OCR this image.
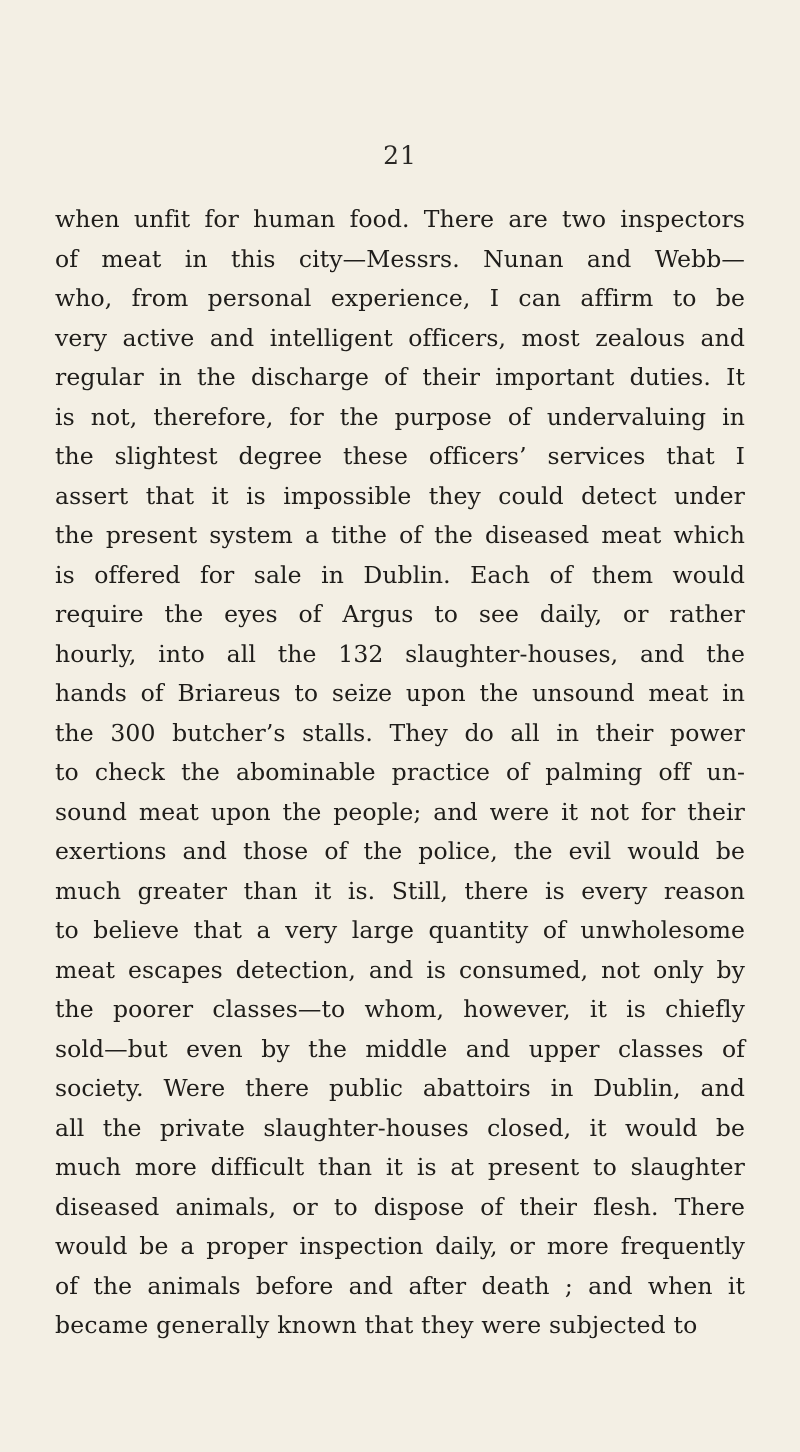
21
when unfit for human food. There are two inspectors
of meat in this city—Messrs. Nunan and Webb—
who, from personal experience, I can affirm to be
very active and intelligent officers, most zealous and
regular in the discharge of their important duties. It
is not, therefore, for the purpose of undervaluing in
the slightest degree these officers’ services that I
assert that it is impossible they could detect under
the present system a tithe of the diseased meat which
is offered for sale in Dublin. Each of them would
require the eyes of Argus to see daily, or rather
hourly, into all the 132 slaughter-houses, and the
hands of Briareus to seize upon the unsound meat in
the 300 butcher’s stalls. They do all in their power
to check the abominable practice of palming off un-
sound meat upon the people; and were it not for their
exertions and those of the police, the evil would be
much greater than it is. Still, there is every reason
to believe that a very large quantity of unwholesome
meat escapes detection, and is consumed, not only by
the poorer classes—to whom, however, it is chiefly
sold—but even by the middle and upper classes of
society. Were there public abattoirs in Dublin, and
all the private slaughter-houses closed, it would be
much more difficult than it is at present to slaughter
diseased animals, or to dispose of their flesh. There
would be a proper inspection daily, or more frequently
of the animals before and after death ; and when it
became generally known that they were subjected to
